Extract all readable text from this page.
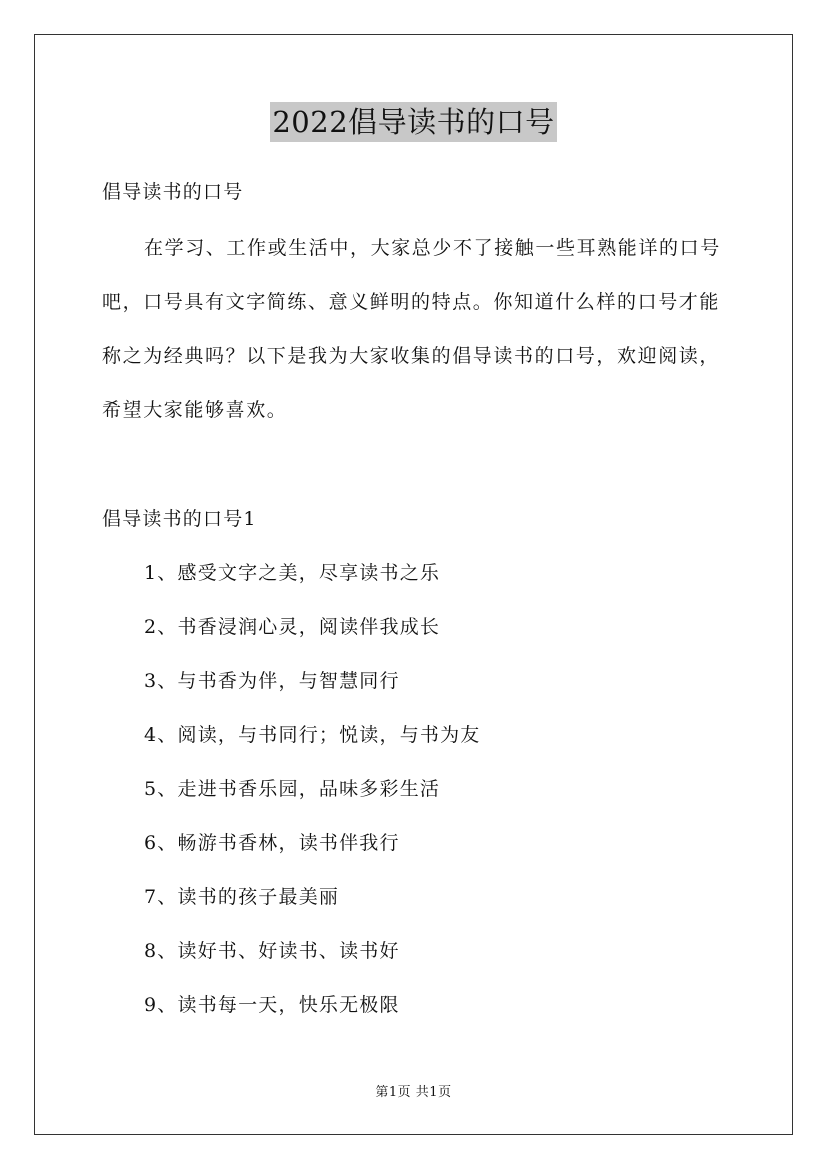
2022倡导读书的口号
倡导读书的口号
在学习、工作或生活中，大家总少不了接触一些耳熟能详的口号
吧，口号具有文字简练、意义鲜明的特点。你知道什么样的口号才能
称之为经典吗？以下是我为大家收集的倡导读书的口号，欢迎阅读，
希望大家能够喜欢。
倡导读书的口号1
1、感受文字之美，尽享读书之乐
2、书香浸润心灵，阅读伴我成长
3、与书香为伴，与智慧同行
4、阅读，与书同行；悦读，与书为友
5、走进书香乐园，品味多彩生活
6、畅游书香林，读书伴我行
7、读书的孩子最美丽
8、读好书、好读书、读书好
9、读书每一天，快乐无极限
第1页 共1页
